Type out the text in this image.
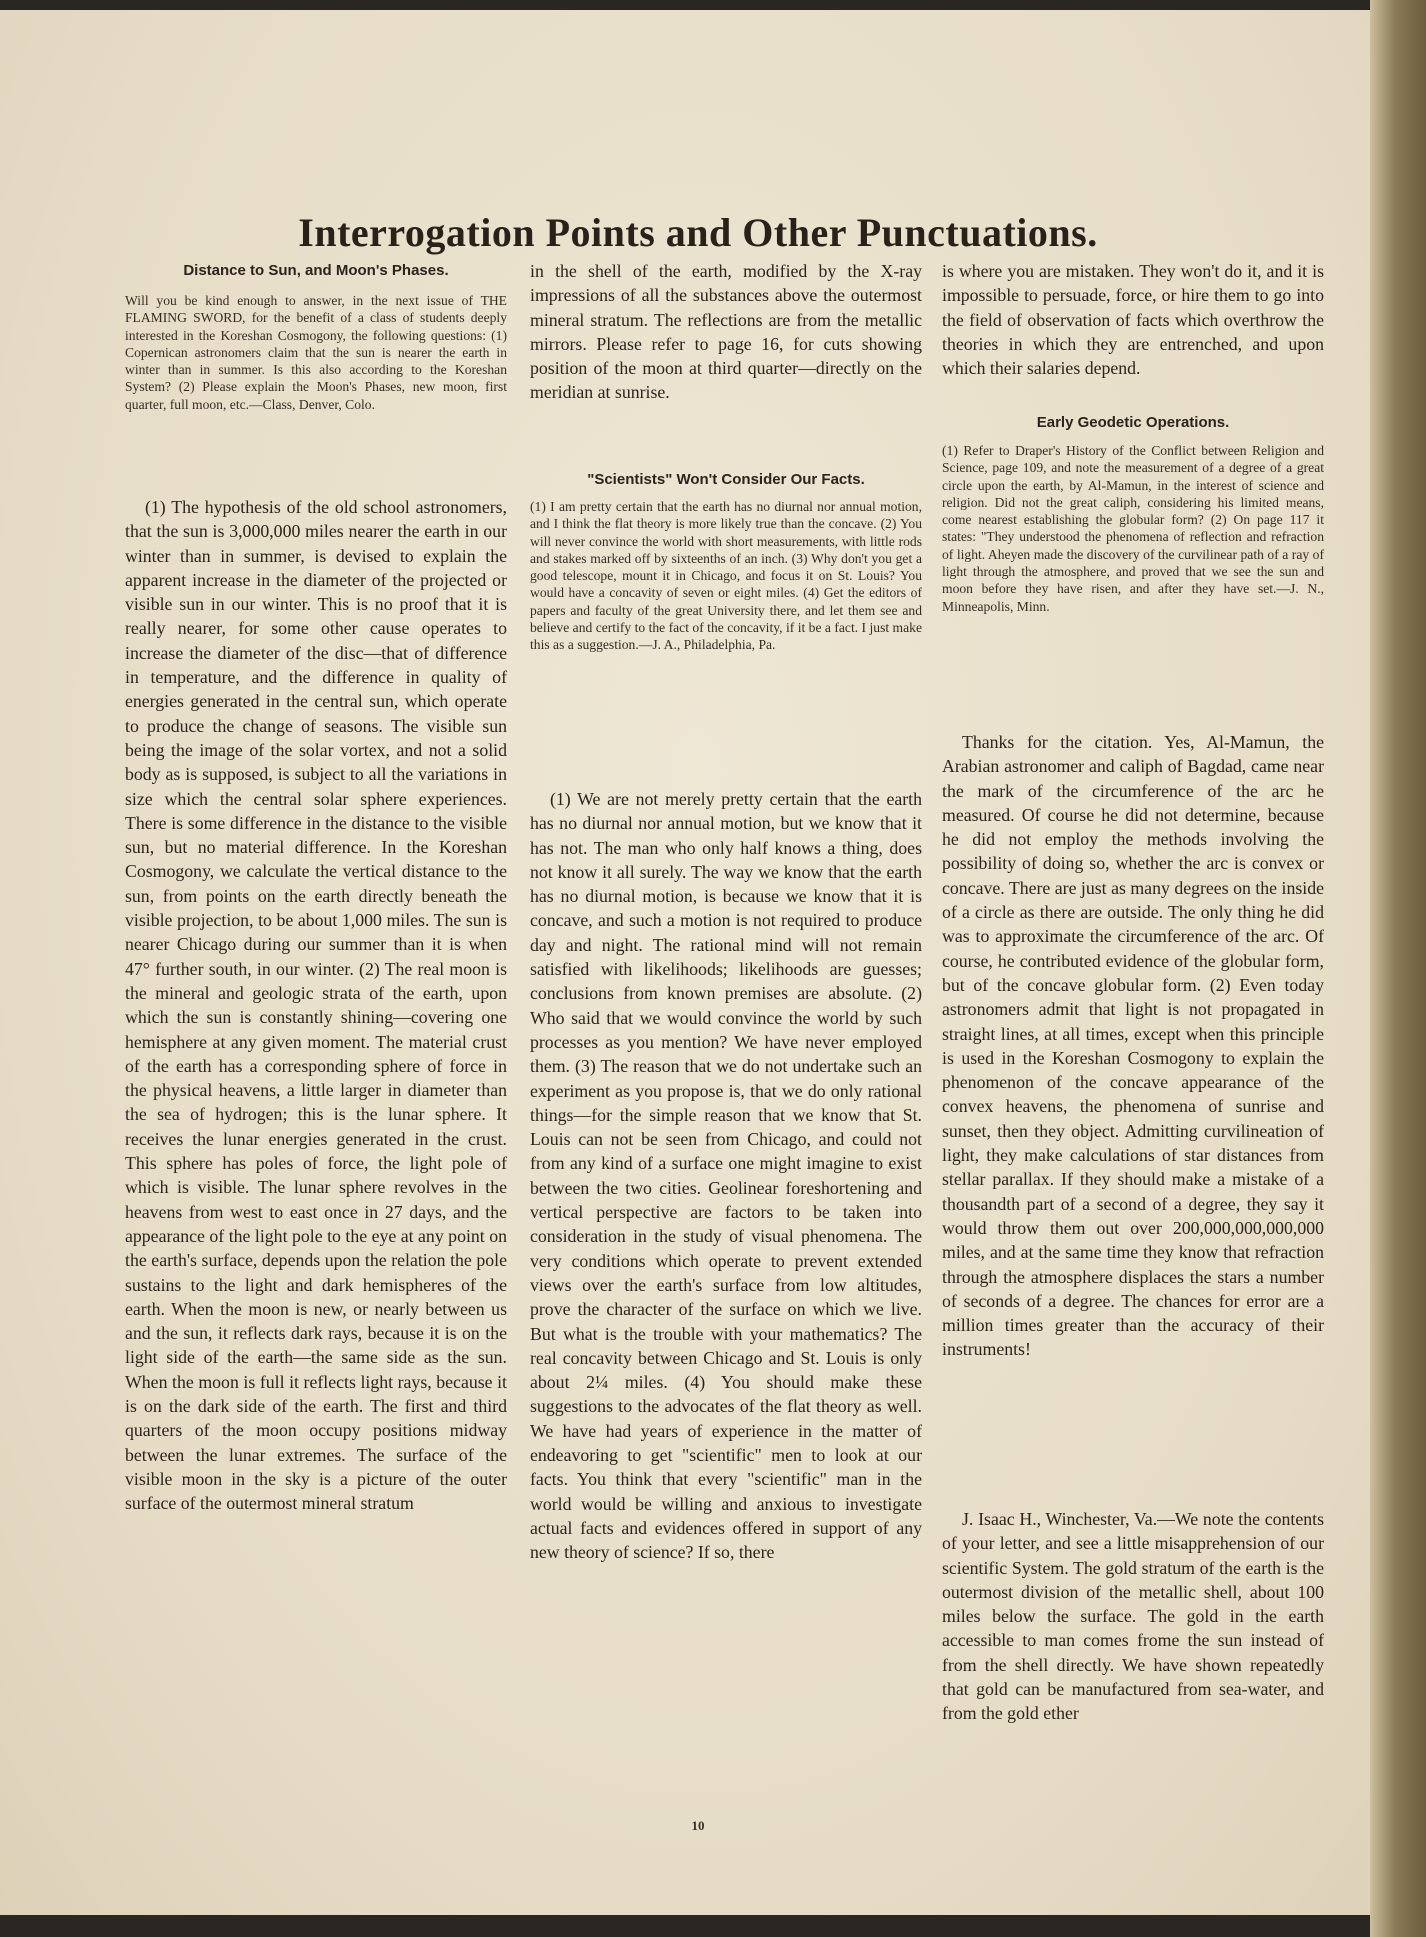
Interrogation Points and Other Punctuations.
Distance to Sun, and Moon's Phases.

Will you be kind enough to answer, in the next issue of THE FLAMING SWORD, for the benefit of a class of students deeply interested in the Koreshan Cosmogony, the following questions: (1) Copernican astronomers claim that the sun is nearer the earth in winter than in summer. Is this also according to the Koreshan System? (2) Please explain the Moon's Phases, new moon, first quarter, full moon, etc.—Class, Denver, Colo.

(1) The hypothesis of the old school astronomers, that the sun is 3,000,000 miles nearer the earth in our winter than in summer, is devised to explain the apparent increase in the diameter of the projected or visible sun in our winter. This is no proof that it is really nearer, for some other cause operates to increase the diameter of the disc—that of difference in temperature, and the difference in quality of energies generated in the central sun, which operate to produce the change of seasons. The visible sun being the image of the solar vortex, and not a solid body as is supposed, is subject to all the variations in size which the central solar sphere experiences. There is some difference in the distance to the visible sun, but no material difference. In the Koreshan Cosmogony, we calculate the vertical distance to the sun, from points on the earth directly beneath the visible projection, to be about 1,000 miles. The sun is nearer Chicago during our summer than it is when 47° further south, in our winter. (2) The real moon is the mineral and geologic strata of the earth, upon which the sun is constantly shining—covering one hemisphere at any given moment. The material crust of the earth has a corresponding sphere of force in the physical heavens, a little larger in diameter than the sea of hydrogen; this is the lunar sphere. It receives the lunar energies generated in the crust. This sphere has poles of force, the light pole of which is visible. The lunar sphere revolves in the heavens from west to east once in 27 days, and the appearance of the light pole to the eye at any point on the earth's surface, depends upon the relation the pole sustains to the light and dark hemispheres of the earth. When the moon is new, or nearly between us and the sun, it reflects dark rays, because it is on the light side of the earth—the same side as the sun. When the moon is full it reflects light rays, because it is on the dark side of the earth. The first and third quarters of the moon occupy positions midway between the lunar extremes. The surface of the visible moon in the sky is a picture of the outer surface of the outermost mineral stratum

in the shell of the earth, modified by the X-ray impressions of all the substances above the outermost mineral stratum. The reflections are from the metallic mirrors. Please refer to page 16, for cuts showing position of the moon at third quarter—directly on the meridian at sunrise.

"Scientists" Won't Consider Our Facts.

(1) I am pretty certain that the earth has no diurnal nor annual motion, and I think the flat theory is more likely true than the concave. (2) You will never convince the world with short measurements, with little rods and stakes marked off by sixteenths of an inch. (3) Why don't you get a good telescope, mount it in Chicago, and focus it on St. Louis? You would have a concavity of seven or eight miles. (4) Get the editors of papers and faculty of the great University there, and let them see and believe and certify to the fact of the concavity, if it be a fact. I just make this as a suggestion.—J. A., Philadelphia, Pa.

(1) We are not merely pretty certain that the earth has no diurnal nor annual motion, but we know that it has not. The man who only half knows a thing, does not know it all surely. The way we know that the earth has no diurnal motion, is because we know that it is concave, and such a motion is not required to produce day and night. The rational mind will not remain satisfied with likelihoods; likelihoods are guesses; conclusions from known premises are absolute. (2) Who said that we would convince the world by such processes as you mention? We have never employed them. (3) The reason that we do not undertake such an experiment as you propose is, that we do only rational things—for the simple reason that we know that St. Louis can not be seen from Chicago, and could not from any kind of a surface one might imagine to exist between the two cities. Geolinear foreshortening and vertical perspective are factors to be taken into consideration in the study of visual phenomena. The very conditions which operate to prevent extended views over the earth's surface from low altitudes, prove the character of the surface on which we live. But what is the trouble with your mathematics? The real concavity between Chicago and St. Louis is only about 2¼ miles. (4) You should make these suggestions to the advocates of the flat theory as well. We have had years of experience in the matter of endeavoring to get "scientific" men to look at our facts. You think that every "scientific" man in the world would be willing and anxious to investigate actual facts and evidences offered in support of any new theory of science? If so, there

is where you are mistaken. They won't do it, and it is impossible to persuade, force, or hire them to go into the field of observation of facts which overthrow the theories in which they are entrenched, and upon which their salaries depend.

Early Geodetic Operations.

(1) Refer to Draper's History of the Conflict between Religion and Science, page 109, and note the measurement of a degree of a great circle upon the earth, by Al-Mamun, in the interest of science and religion. Did not the great caliph, considering his limited means, come nearest establishing the globular form? (2) On page 117 it states: "They understood the phenomena of reflection and refraction of light. Aheyen made the discovery of the curvilinear path of a ray of light through the atmosphere, and proved that we see the sun and moon before they have risen, and after they have set.—J. N., Minneapolis, Minn.

Thanks for the citation. Yes, Al-Mamun, the Arabian astronomer and caliph of Bagdad, came near the mark of the circumference of the arc he measured. Of course he did not determine, because he did not employ the methods involving the possibility of doing so, whether the arc is convex or concave. There are just as many degrees on the inside of a circle as there are outside. The only thing he did was to approximate the circumference of the arc. Of course, he contributed evidence of the globular form, but of the concave globular form. (2) Even today astronomers admit that light is not propagated in straight lines, at all times, except when this principle is used in the Koreshan Cosmogony to explain the phenomenon of the concave appearance of the convex heavens, the phenomena of sunrise and sunset, then they object. Admitting curvilineation of light, they make calculations of star distances from stellar parallax. If they should make a mistake of a thousandth part of a second of a degree, they say it would throw them out over 200,000,000,000,000 miles, and at the same time they know that refraction through the atmosphere displaces the stars a number of seconds of a degree. The chances for error are a million times greater than the accuracy of their instruments!

J. Isaac H., Winchester, Va.—We note the contents of your letter, and see a little misapprehension of our scientific System. The gold stratum of the earth is the outermost division of the metallic shell, about 100 miles below the surface. The gold in the earth accessible to man comes frome the sun instead of from the shell directly. We have shown repeatedly that gold can be manufactured from sea-water, and from the gold ether

10
